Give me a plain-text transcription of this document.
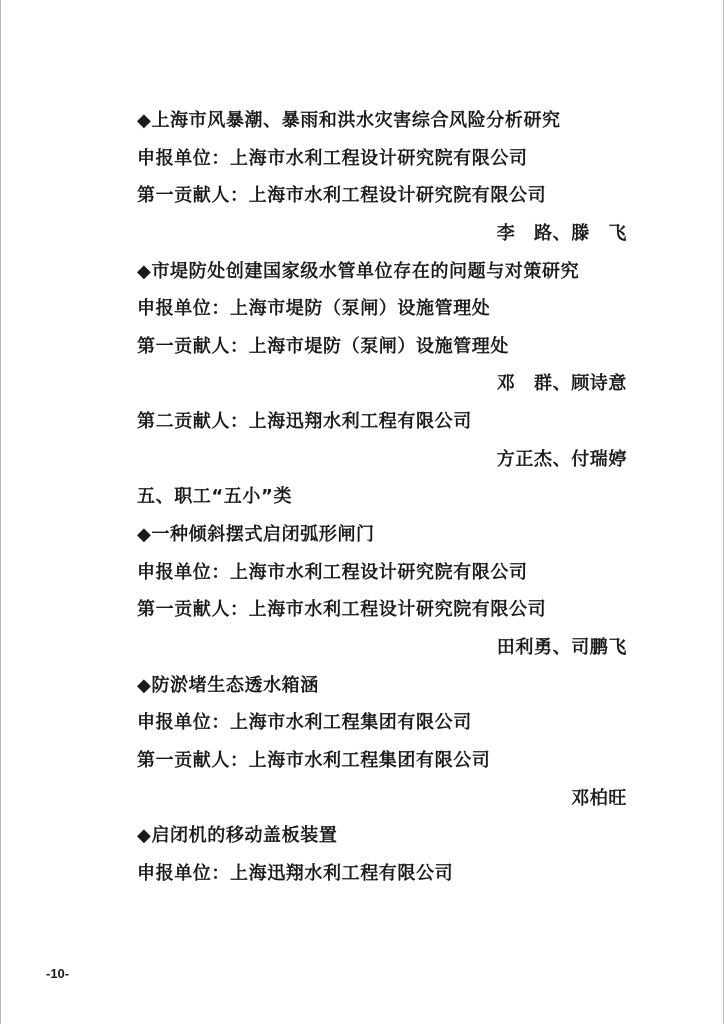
◆上海市风暴潮、暴雨和洪水灾害综合风险分析研究
申报单位：上海市水利工程设计研究院有限公司
第一贡献人：上海市水利工程设计研究院有限公司
李　路、滕　飞
◆市堤防处创建国家级水管单位存在的问题与对策研究
申报单位：上海市堤防（泵闸）设施管理处
第一贡献人：上海市堤防（泵闸）设施管理处
邓　群、顾诗意
第二贡献人：上海迅翔水利工程有限公司
方正杰、付瑞婷
五、职工“五小”类
◆一种倾斜摆式启闭弧形闸门
申报单位：上海市水利工程设计研究院有限公司
第一贡献人：上海市水利工程设计研究院有限公司
田利勇、司鹏飞
◆防淤堵生态透水箱涵
申报单位：上海市水利工程集团有限公司
第一贡献人：上海市水利工程集团有限公司
邓柏旺
◆启闭机的移动盖板装置
申报单位：上海迅翔水利工程有限公司
-10-
